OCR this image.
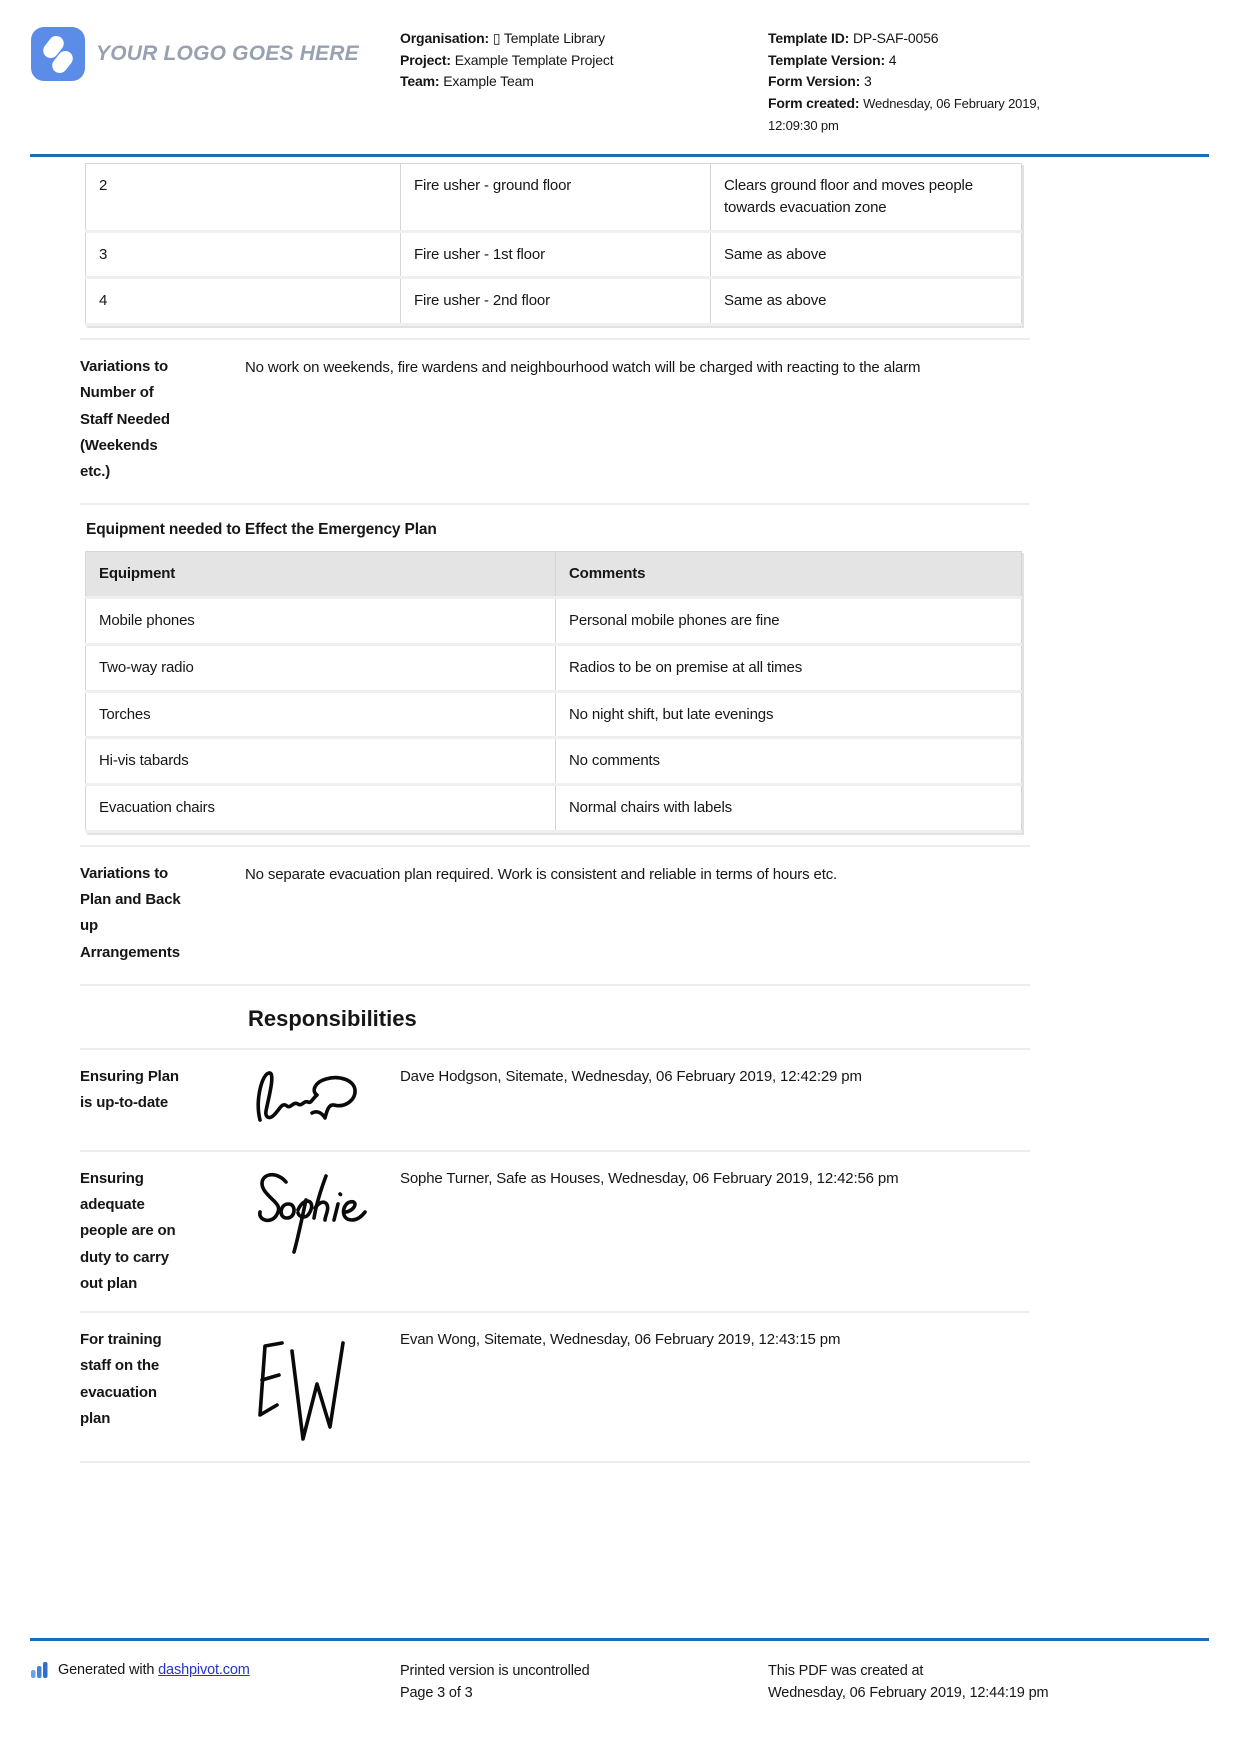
YOUR LOGO GOES HERE
Organisation: ▯ Template Library
Project: Example Template Project
Team: Example Team
Template ID: DP-SAF-0056
Template Version: 4
Form Version: 3
Form created: Wednesday, 06 February 2019, 12:09:30 pm
2	Fire usher - ground floor	Clears ground floor and moves people towards evacuation zone
3	Fire usher - 1st floor	Same as above
4	Fire usher - 2nd floor	Same as above
Variations to Number of Staff Needed (Weekends etc.)
No work on weekends, fire wardens and neighbourhood watch will be charged with reacting to the alarm
Equipment needed to Effect the Emergency Plan
Equipment	Comments
Mobile phones	Personal mobile phones are fine
Two-way radio	Radios to be on premise at all times
Torches	No night shift, but late evenings
Hi-vis tabards	No comments
Evacuation chairs	Normal chairs with labels
Variations to Plan and Back up Arrangements
No separate evacuation plan required. Work is consistent and reliable in terms of hours etc.
Responsibilities
Ensuring Plan is up-to-date
Dave Hodgson, Sitemate, Wednesday, 06 February 2019, 12:42:29 pm
Ensuring adequate people are on duty to carry out plan
Sophe Turner, Safe as Houses, Wednesday, 06 February 2019, 12:42:56 pm
For training staff on the evacuation plan
Evan Wong, Sitemate, Wednesday, 06 February 2019, 12:43:15 pm
Generated with dashpivot.com	Printed version is uncontrolled
Page 3 of 3
This PDF was created at
Wednesday, 06 February 2019, 12:44:19 pm
